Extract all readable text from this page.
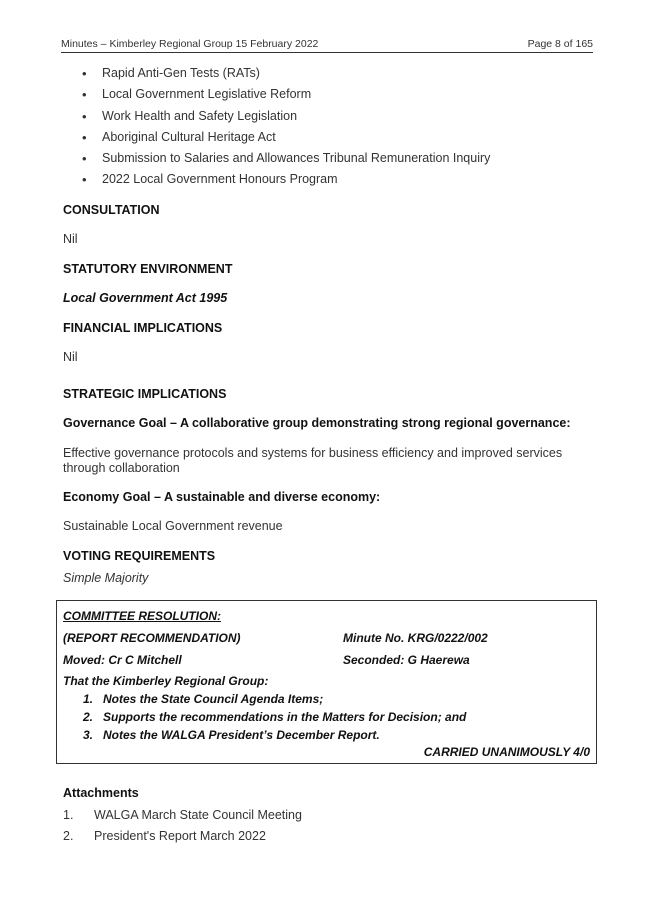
Minutes – Kimberley Regional Group 15 February 2022	Page 8 of 165
• Rapid Anti-Gen Tests (RATs)
• Local Government Legislative Reform
• Work Health and Safety Legislation
• Aboriginal Cultural Heritage Act
• Submission to Salaries and Allowances Tribunal Remuneration Inquiry
• 2022 Local Government Honours Program
CONSULTATION
Nil
STATUTORY ENVIRONMENT
Local Government Act 1995
FINANCIAL IMPLICATIONS
Nil
STRATEGIC IMPLICATIONS
Governance Goal – A collaborative group demonstrating strong regional governance:
Effective governance protocols and systems for business efficiency and improved services through collaboration
Economy Goal – A sustainable and diverse economy:
Sustainable Local Government revenue
VOTING REQUIREMENTS
Simple Majority
COMMITTEE RESOLUTION:
(REPORT RECOMMENDATION)	Minute No. KRG/0222/002
Moved: Cr C Mitchell	Seconded: G Haerewa
That the Kimberley Regional Group:
1. Notes the State Council Agenda Items;
2. Supports the recommendations in the Matters for Decision; and
3. Notes the WALGA President’s December Report.
CARRIED UNANIMOUSLY 4/0
Attachments
1. WALGA March State Council Meeting
2. President's Report March 2022
